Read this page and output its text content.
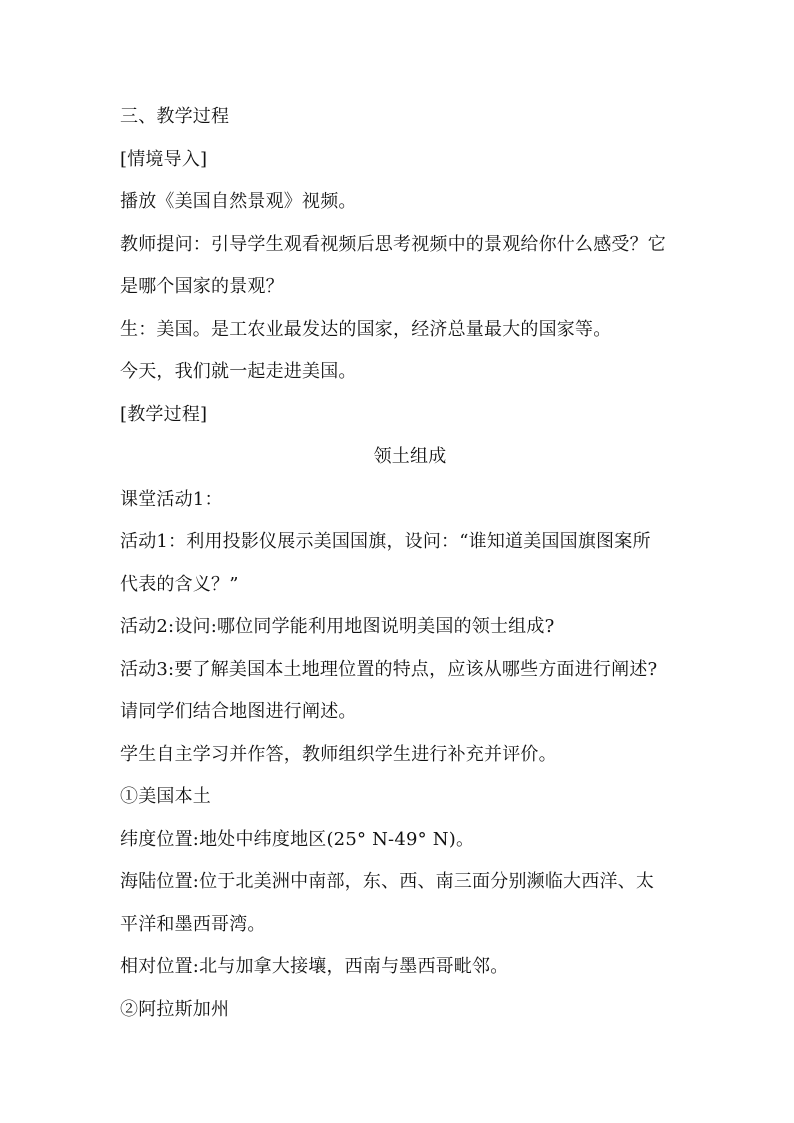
三、教学过程
[情境导入]
播放《美国自然景观》视频。
教师提问：引导学生观看视频后思考视频中的景观给你什么感受？它
是哪个国家的景观？
生：美国。是工农业最发达的国家，经济总量最大的国家等。
今天，我们就一起走进美国。
[教学过程]
领土组成
课堂活动1：
活动1：利用投影仪展示美国国旗，设问：“谁知道美国国旗图案所
代表的含义？”
活动2:设问:哪位同学能利用地图说明美国的领士组成?
活动3:要了解美国本土地理位置的特点，应该从哪些方面进行阐述?
请同学们结合地图进行阐述。
学生自主学习并作答，教师组织学生进行补充并评价。
①美国本土
纬度位置:地处中纬度地区(25° N-49° N)。
海陆位置:位于北美洲中南部，东、西、南三面分别濒临大西洋、太
平洋和墨西哥湾。
相对位置:北与加拿大接壤，西南与墨西哥毗邻。
②阿拉斯加州
